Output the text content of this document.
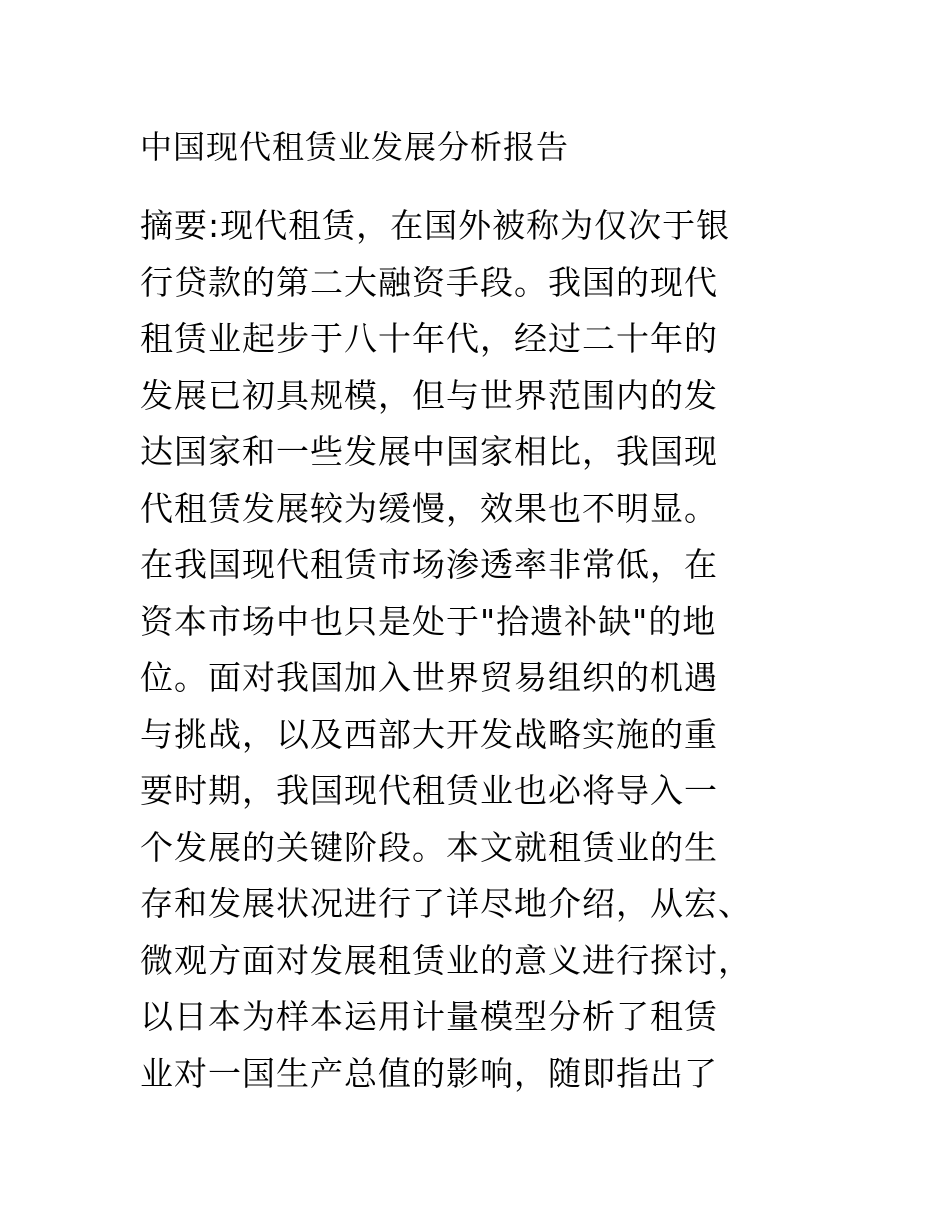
中国现代租赁业发展分析报告
摘要:现代租赁，在国外被称为仅次于银
行贷款的第二大融资手段。我国的现代
租赁业起步于八十年代，经过二十年的
发展已初具规模，但与世界范围内的发
达国家和一些发展中国家相比，我国现
代租赁发展较为缓慢，效果也不明显。
在我国现代租赁市场渗透率非常低，在
资本市场中也只是处于"拾遗补缺"的地
位。面对我国加入世界贸易组织的机遇
与挑战，以及西部大开发战略实施的重
要时期，我国现代租赁业也必将导入一
个发展的关键阶段。本文就租赁业的生
存和发展状况进行了详尽地介绍，从宏、
微观方面对发展租赁业的意义进行探讨，
以日本为样本运用计量模型分析了租赁
业对一国生产总值的影响，随即指出了
